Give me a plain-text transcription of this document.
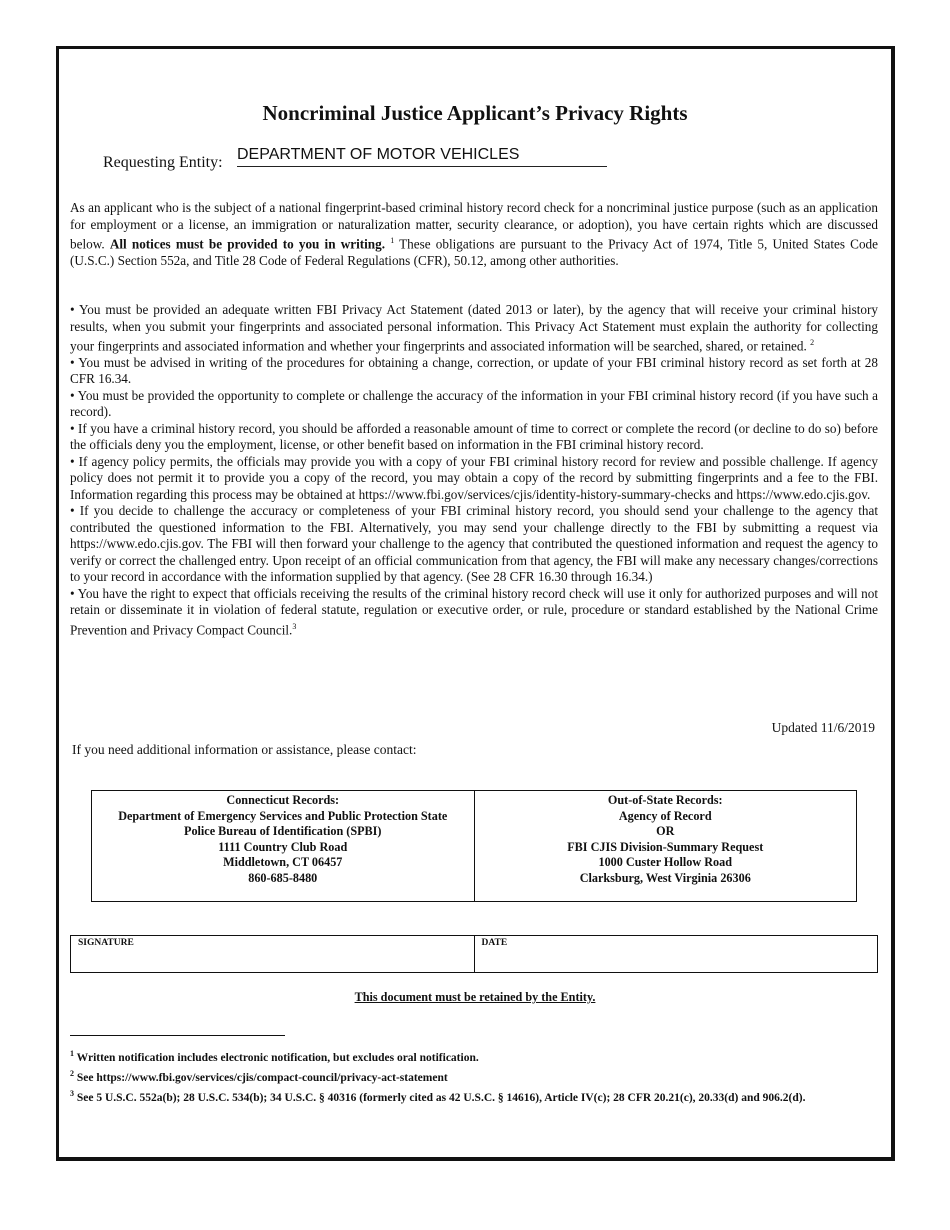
Noncriminal Justice Applicant’s Privacy Rights
Requesting Entity: DEPARTMENT OF MOTOR VEHICLES
As an applicant who is the subject of a national fingerprint-based criminal history record check for a noncriminal justice purpose (such as an application for employment or a license, an immigration or naturalization matter, security clearance, or adoption), you have certain rights which are discussed below. All notices must be provided to you in writing. $^1$ These obligations are pursuant to the Privacy Act of 1974, Title 5, United States Code (U.S.C.) Section 552a, and Title 28 Code of Federal Regulations (CFR), 50.12, among other authorities.

• You must be provided an adequate written FBI Privacy Act Statement (dated 2013 or later), by the agency that will receive your criminal history results, when you submit your fingerprints and associated personal information. This Privacy Act Statement must explain the authority for collecting your fingerprints and associated information and whether your fingerprints and associated information will be searched, shared, or retained. $^2$

• You must be advised in writing of the procedures for obtaining a change, correction, or update of your FBI criminal history record as set forth at 28 CFR 16.34.

• You must be provided the opportunity to complete or challenge the accuracy of the information in your FBI criminal history record (if you have such a record).

• If you have a criminal history record, you should be afforded a reasonable amount of time to correct or complete the record (or decline to do so) before the officials deny you the employment, license, or other benefit based on information in the FBI criminal history record.

• If agency policy permits, the officials may provide you with a copy of your FBI criminal history record for review and possible challenge. If agency policy does not permit it to provide you a copy of the record, you may obtain a copy of the record by submitting fingerprints and a fee to the FBI. Information regarding this process may be obtained at https://www.fbi.gov/services/cjis/identity-history-summary-checks and https://www.edo.cjis.gov.

• If you decide to challenge the accuracy or completeness of your FBI criminal history record, you should send your challenge to the agency that contributed the questioned information to the FBI. Alternatively, you may send your challenge directly to the FBI by submitting a request via https://www.edo.cjis.gov. The FBI will then forward your challenge to the agency that contributed the questioned information and request the agency to verify or correct the challenged entry. Upon receipt of an official communication from that agency, the FBI will make any necessary changes/corrections to your record in accordance with the information supplied by that agency. (See 28 CFR 16.30 through 16.34.)

• You have the right to expect that officials receiving the results of the criminal history record check will use it only for authorized purposes and will not retain or disseminate it in violation of federal statute, regulation or executive order, or rule, procedure or standard established by the National Crime Prevention and Privacy Compact Council.$^3$

Updated 11/6/2019
If you need additional information or assistance, please contact:
Connecticut Records:
Department of Emergency Services and Public Protection State
Police Bureau of Identification (SPBI)
1111 Country Club Road
Middletown, CT 06457
860-685-8480
Out-of-State Records:
Agency of Record
OR
FBI CJIS Division-Summary Request
1000 Custer Hollow Road
Clarksburg, West Virginia 26306
SIGNATURE	DATE
This document must be retained by the Entity.

$^1$ Written notification includes electronic notification, but excludes oral notification.

$^2$ See https://www.fbi.gov/services/cjis/compact-council/privacy-act-statement

$^3$ See 5 U.S.C. 552a(b); 28 U.S.C. 534(b); 34 U.S.C. § 40316 (formerly cited as 42 U.S.C. § 14616), Article IV(c); 28 CFR 20.21(c), 20.33(d) and 906.2(d).
